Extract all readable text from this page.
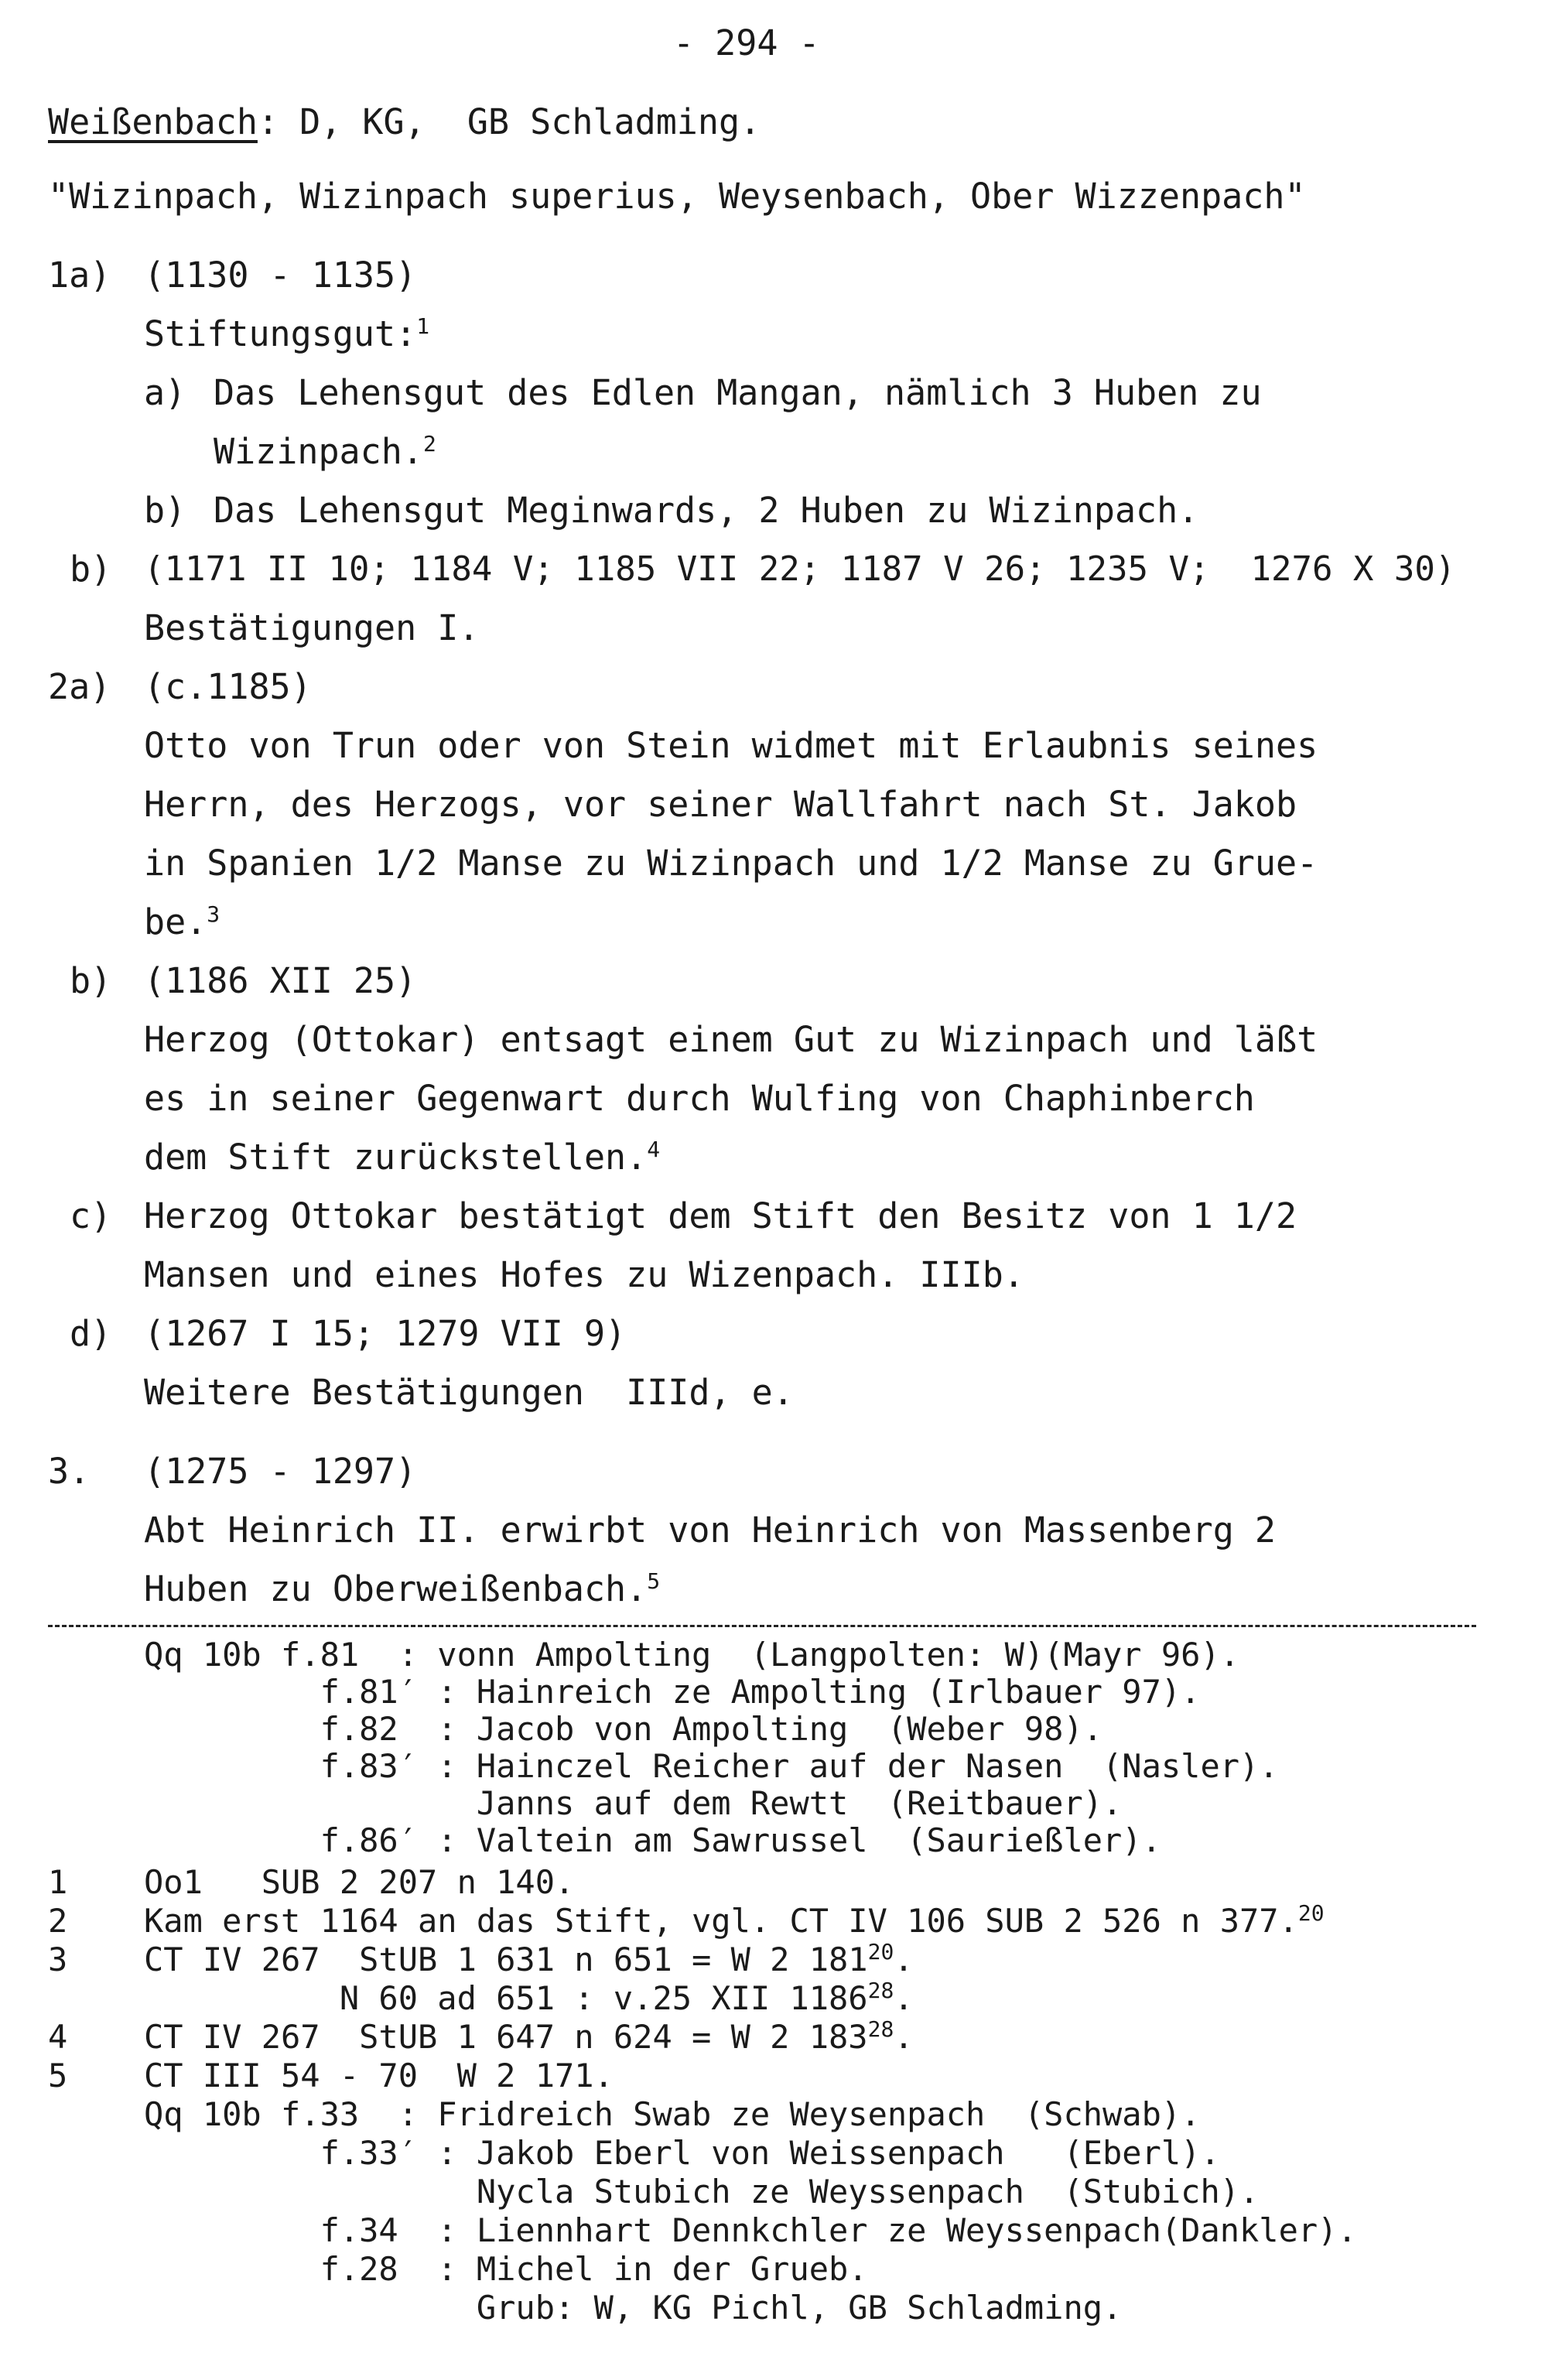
- 294 -
Weißenbach: D, KG,  GB Schladming.
"Wizinpach, Wizinpach superius, Weysenbach, Ober Wizzenpach"
1a) (1130 - 1135)
Stiftungsgut:$^1$
a) Das Lehensgut des Edlen Mangan, nämlich 3 Huben zu
Wizinpach.$^2$
b) Das Lehensgut Meginwards, 2 Huben zu Wizinpach.
b) (1171 II 10; 1184 V; 1185 VII 22; 1187 V 26; 1235 V;  1276 X 30)
Bestätigungen I.
2a) (c.1185)
Otto von Trun oder von Stein widmet mit Erlaubnis seines
Herrn, des Herzogs, vor seiner Wallfahrt nach St. Jakob
in Spanien 1/2 Manse zu Wizinpach und 1/2 Manse zu Grue-
be.$^3$
b) (1186 XII 25)
Herzog (Ottokar) entsagt einem Gut zu Wizinpach und läßt
es in seiner Gegenwart durch Wulfing von Chaphinberch
dem Stift zurückstellen.$^4$
c) Herzog Ottokar bestätigt dem Stift den Besitz von 1 1/2
Mansen und eines Hofes zu Wizenpach. IIIb.
d) (1267 I 15; 1279 VII 9)
Weitere Bestätigungen  IIId, e.
3. (1275 - 1297)
Abt Heinrich II. erwirbt von Heinrich von Massenberg 2
Huben zu Oberweißenbach.$^5$
Qq 10b f.81  : vonn Ampolting  (Langpolten: W)(Mayr 96).
f.81′ : Hainreich ze Ampolting (Irlbauer 97).
f.82  : Jacob von Ampolting  (Weber 98).
f.83′ : Hainczel Reicher auf der Nasen  (Nasler).
Janns auf dem Rewtt  (Reitbauer).
f.86′ : Valtein am Sawrussel  (Saurießler).
1 Oo1   SUB 2 207 n 140.
2 Kam erst 1164 an das Stift, vgl. CT IV 106 SUB 2 526 n 377.20
3 CT IV 267  StUB 1 631 n 651 = W 2 $181^{20}$.
N 60 ad 651 : v.25 XII 1186$^{28}$.
4 CT IV 267  StUB 1 647 n 624 = W 2 $183^{28}$.
5 CT III 54 - 70  W 2 171.
Qq 10b f.33  : Fridreich Swab ze Weysenpach  (Schwab).
f.33′ : Jakob Eberl von Weissenpach   (Eberl).
Nycla Stubich ze Weyssenpach  (Stubich).
f.34  : Liennhart Dennkchler ze Weyssenpach(Dankler).
f.28  : Michel in der Grueb.
Grub: W, KG Pichl, GB Schladming.
